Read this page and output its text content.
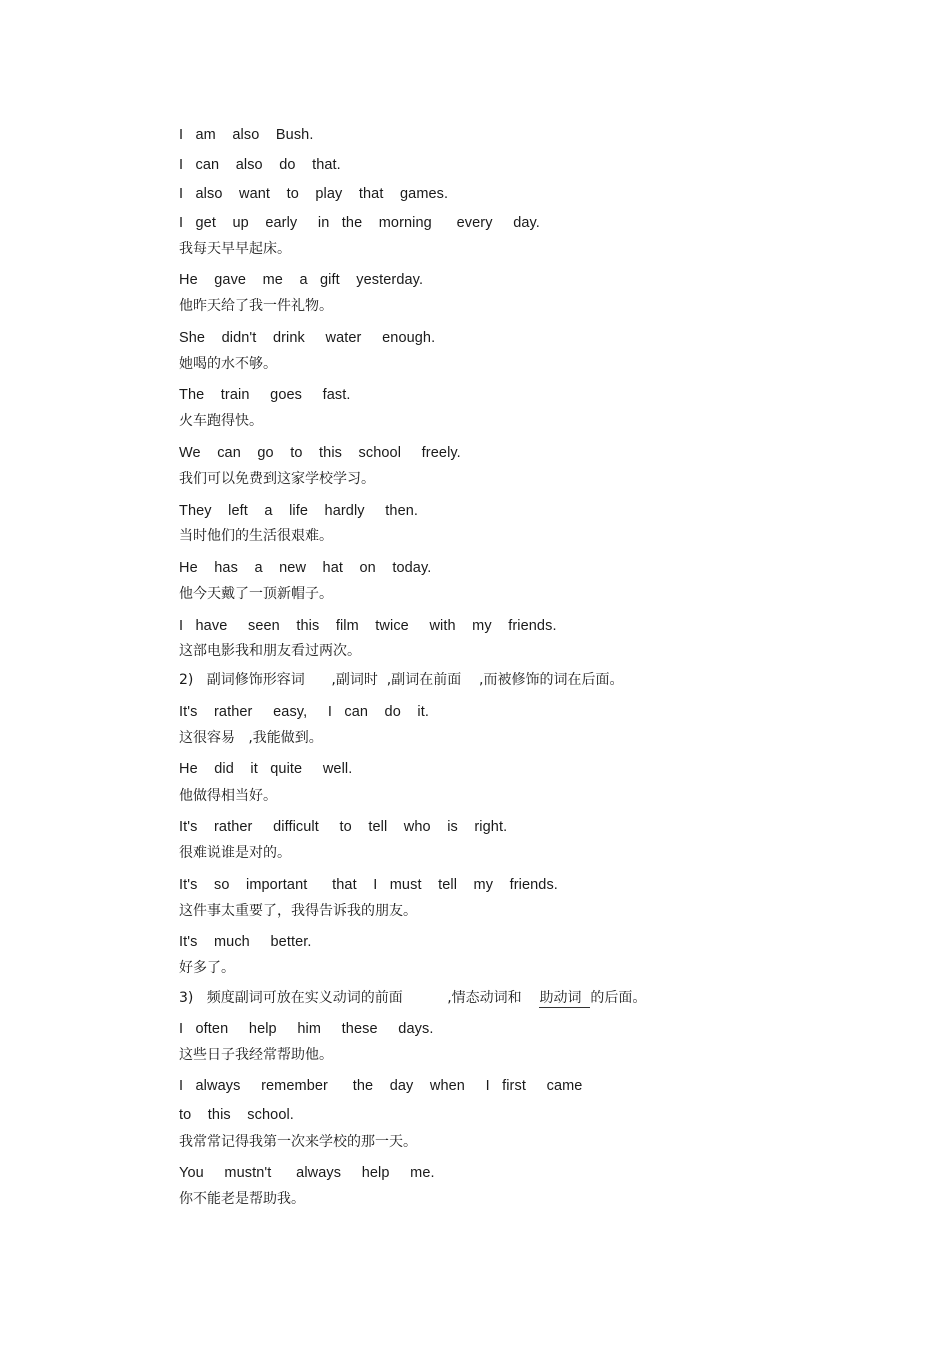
I   am    also    Bush.
I   can    also    do    that.
I   also    want    to    play    that    games.
I   get    up    early     in   the    morning      every     day.
我每天早早起床。
He    gave    me    a   gift    yesterday.
他昨天给了我一件礼物。
She    didn't    drink     water     enough.
她喝的水不够。
The    train     goes     fast.
火车跑得快。
We    can    go    to    this    school     freely.
我们可以免费到这家学校学习。
They    left    a    life    hardly     then.
当时他们的生活很艰难。
He    has    a    new    hat    on    today.
他今天戴了一顶新帽子。
I   have     seen    this    film    twice     with    my    friends.
这部电影我和朋友看过两次。
2)   副词修饰形容词      ,副词时  ,副词在前面    ,而被修饰的词在后面。
It's    rather     easy,     I   can    do    it.
这很容易   ,我能做到。
He    did    it   quite     well.
他做得相当好。
It's    rather     difficult     to    tell    who    is    right.
很难说谁是对的。
It's    so    important      that    I   must    tell    my    friends.
这件事太重要了，我得告诉我的朋友。
It's    much     better.
好多了。
3)   频度副词可放在实义动词的前面          ,情态动词和    助动词  的后面。
I   often     help     him     these     days.
这些日子我经常帮助他。
I   always     remember      the    day    when     I   first     came
to    this    school.
我常常记得我第一次来学校的那一天。
You     mustn't      always     help     me.
你不能老是帮助我。
